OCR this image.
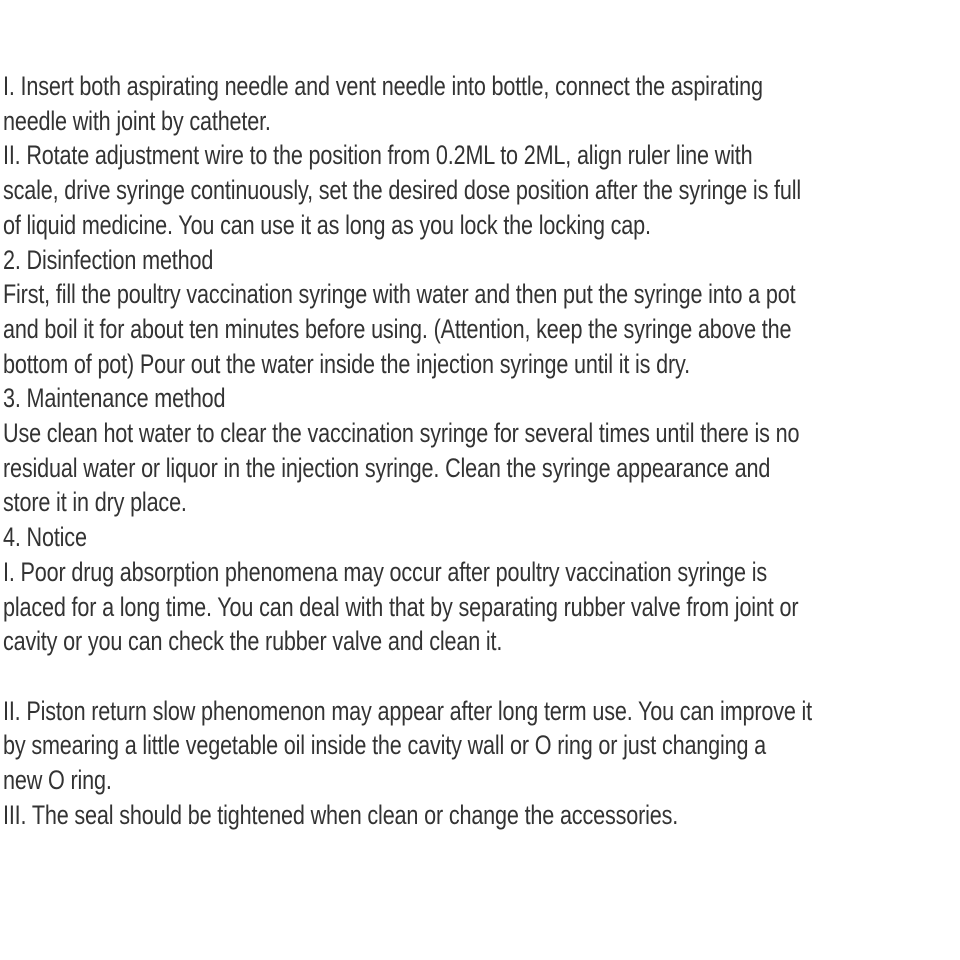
I. Insert both aspirating needle and vent needle into bottle, connect the aspirating
needle with joint by catheter.
II. Rotate adjustment wire to the position from 0.2ML to 2ML, align ruler line with
scale, drive syringe continuously, set the desired dose position after the syringe is full
of liquid medicine. You can use it as long as you lock the locking cap.
2. Disinfection method
First, fill the poultry vaccination syringe with water and then put the syringe into a pot
and boil it for about ten minutes before using. (Attention, keep the syringe above the
bottom of pot) Pour out the water inside the injection syringe until it is dry.
3. Maintenance method
Use clean hot water to clear the vaccination syringe for several times until there is no
residual water or liquor in the injection syringe. Clean the syringe appearance and
store it in dry place.
4. Notice
I. Poor drug absorption phenomena may occur after poultry vaccination syringe is
placed for a long time. You can deal with that by separating rubber valve from joint or
cavity or you can check the rubber valve and clean it.

II. Piston return slow phenomenon may appear after long term use. You can improve it
by smearing a little vegetable oil inside the cavity wall or O ring or just changing a
new O ring.
III. The seal should be tightened when clean or change the accessories.
